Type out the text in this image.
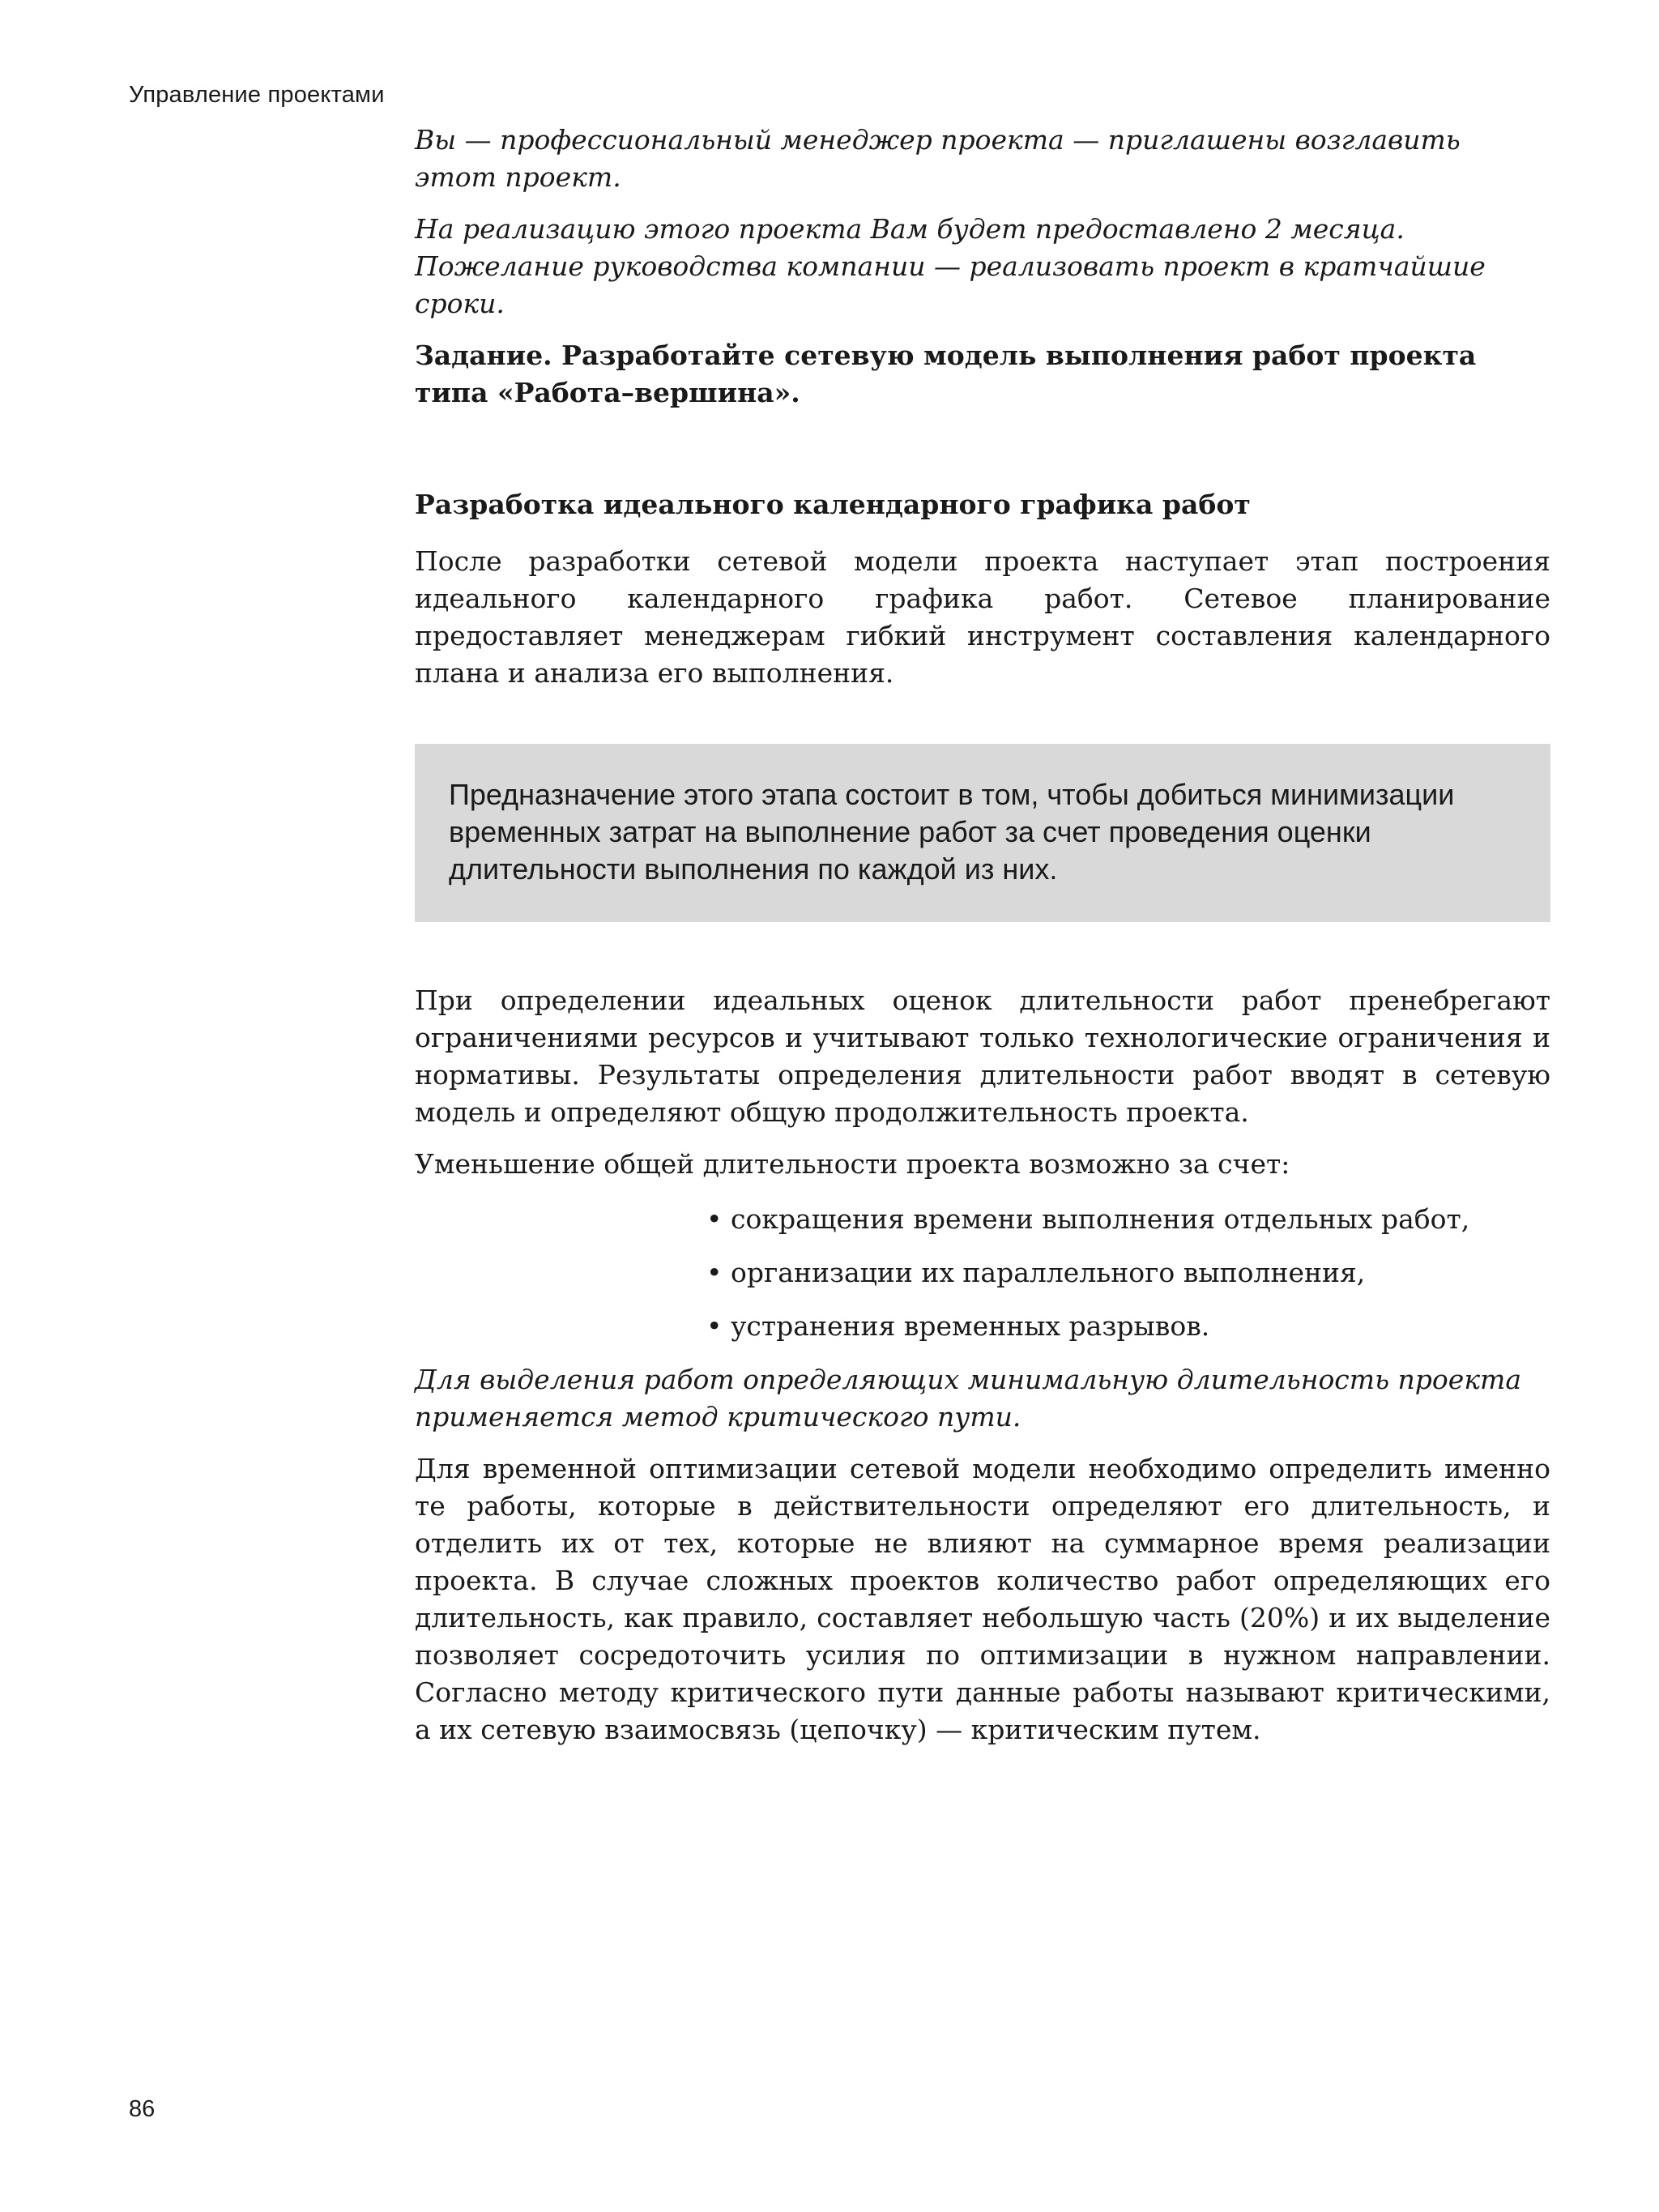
Управление проектами

Вы — профессиональный менеджер проекта — приглашены возглавить этот проект.

На реализацию этого проекта Вам будет предоставлено 2 месяца. Пожелание руководства компании — реализовать проект в кратчайшие сроки.

Задание. Разработайте сетевую модель выполнения работ проекта типа «Работа–вершина».

Разработка идеального календарного графика работ

После разработки сетевой модели проекта наступает этап построения идеального календарного графика работ. Сетевое планирование предоставляет менеджерам гибкий инструмент составления календарного плана и анализа его выполнения.

Предназначение этого этапа состоит в том, чтобы добиться минимизации временных затрат на выполнение работ за счет проведения оценки длительности выполнения по каждой из них.

При определении идеальных оценок длительности работ пренебрегают ограничениями ресурсов и учитывают только технологические ограничения и нормативы. Результаты определения длительности работ вводят в сетевую модель и определяют общую продолжительность проекта.

Уменьшение общей длительности проекта возможно за счет:

• сокращения времени выполнения отдельных работ,
• организации их параллельного выполнения,
• устранения временных разрывов.

Для выделения работ определяющих минимальную длительность проекта применяется метод критического пути.

Для временной оптимизации сетевой модели необходимо определить именно те работы, которые в действительности определяют его длительность, и отделить их от тех, которые не влияют на суммарное время реализации проекта. В случае сложных проектов количество работ определяющих его длительность, как правило, составляет небольшую часть (20%) и их выделение позволяет сосредоточить усилия по оптимизации в нужном направлении. Согласно методу критического пути данные работы называют критическими, а их сетевую взаимосвязь (цепочку) — критическим путем.

86
